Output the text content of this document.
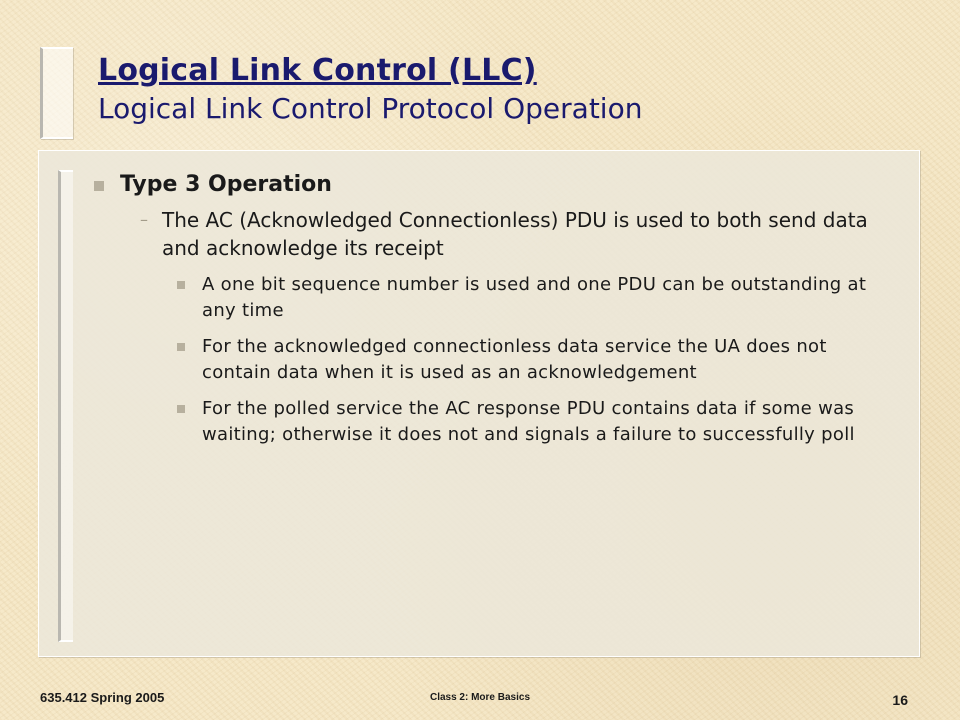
Logical Link Control (LLC)
Logical Link Control Protocol Operation
Type 3 Operation
– The AC (Acknowledged Connectionless) PDU is used to both send data and acknowledge its receipt
A one bit sequence number is used and one PDU can be outstanding at any time
For the acknowledged connectionless data service the UA does not contain data when it is used as an acknowledgement
For the polled service the AC response PDU contains data if some was waiting; otherwise it does not and signals a failure to successfully poll
635.412 Spring 2005	Class 2: More Basics	16
